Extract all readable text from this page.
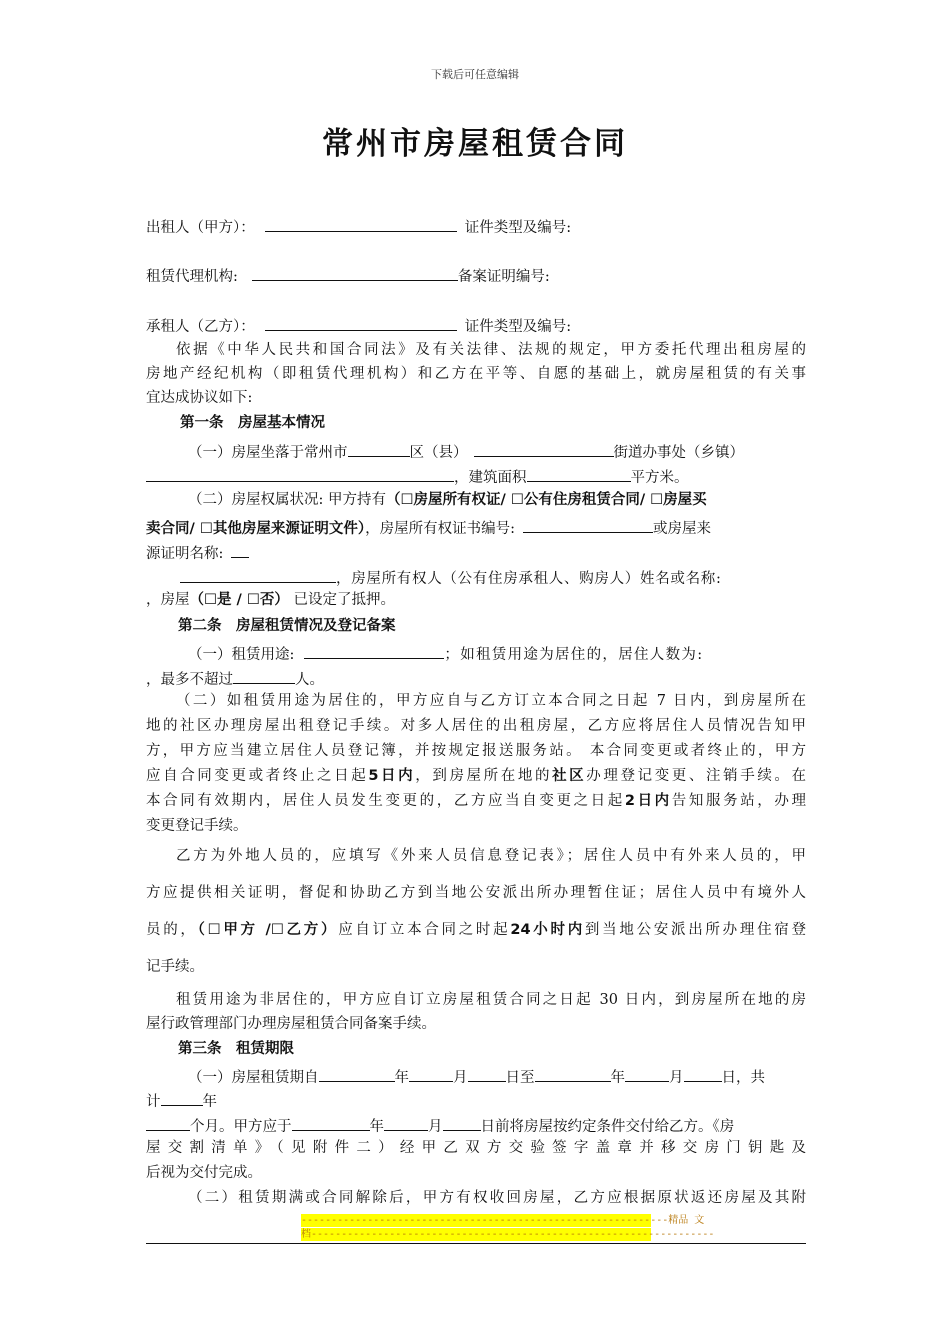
下载后可任意编辑
常州市房屋租赁合同
出租人（甲方）：	证件类型及编号:
租赁代理机构:	备案证明编号:
承租人（乙方）：	证件类型及编号:
依据《中华人民共和国合同法》及有关法律、法规的规定，甲方委托代理出租房屋的
房地产经纪机构（即租赁代理机构）和乙方在平等、自愿的基础上，就房屋租赁的有关事
宜达成协议如下:
第一条　房屋基本情况
（一）房屋坐落于常州市	区（县）	街道办事处（乡镇）
，建筑面积	平方米。
（二）房屋权属状况: 甲方持有（☐房屋所有权证/ ☐公有住房租赁合同/ ☐房屋买
卖合同/ ☐其他房屋来源证明文件），房屋所有权证书编号:	或房屋来
源证明名称:
，房屋所有权人（公有住房承租人、购房人）姓名或名称:
，房屋（☐是 / ☐否） 已设定了抵押。
第二条　房屋租赁情况及登记备案
（一）租赁用途:	；如租赁用途为居住的，居住人数为:
，最多不超过	人。
（二）如租赁用途为居住的，甲方应自与乙方订立本合同之日起 7 日内，到房屋所在
地的社区办理房屋出租登记手续。对多人居住的出租房屋，乙方应将居住人员情况告知甲
方，甲方应当建立居住人员登记簿，并按规定报送服务站。 本合同变更或者终止的，甲方
应自合同变更或者终止之日起5日内，到房屋所在地的社区办理登记变更、注销手续。在
本合同有效期内，居住人员发生变更的，乙方应当自变更之日起2日内告知服务站，办理
变更登记手续。
乙方为外地人员的，应填写《外来人员信息登记表》；居住人员中有外来人员的，甲
方应提供相关证明，督促和协助乙方到当地公安派出所办理暂住证；居住人员中有境外人
员的，（☐甲方 /☐乙方）应自订立本合同之时起24小时内到当地公安派出所办理住宿登
记手续。
租赁用途为非居住的，甲方应自订立房屋租赁合同之日起 30 日内，到房屋所在地的房
屋行政管理部门办理房屋租赁合同备案手续。
第三条　租赁期限
（一）房屋租赁期自	年	月	日至	年	月	日，共
计	年
个月。甲方应于	年	月	日前将房屋按约定条件交付给乙方。《房
屋交割清单》（见附件二）经甲乙双方交验签字盖章并移交房门钥匙及
后视为交付完成。
（二）租赁期满或合同解除后，甲方有权收回房屋，乙方应根据原状返还房屋及其附
-------------------------------------------------------------精品 文
档-------------------------------------------------------------------
